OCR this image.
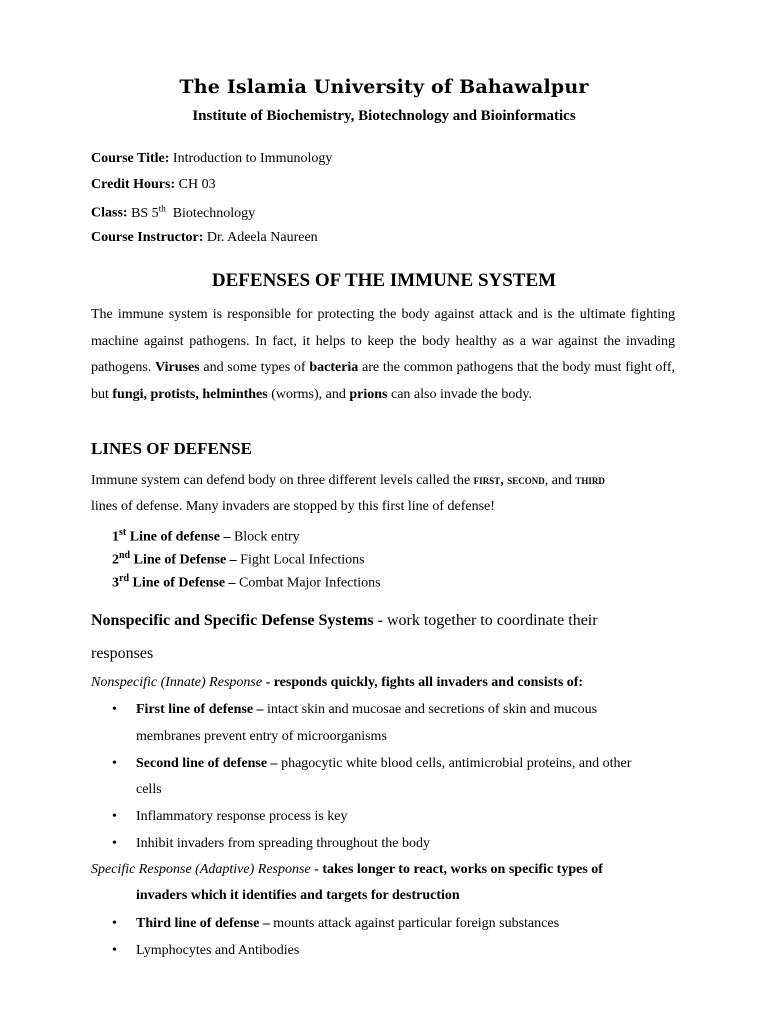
The Islamia University of Bahawalpur
Institute of Biochemistry, Biotechnology and Bioinformatics
Course Title: Introduction to Immunology
Credit Hours: CH 03
Class: BS 5th Biotechnology
Course Instructor: Dr. Adeela Naureen
DEFENSES OF THE IMMUNE SYSTEM
The immune system is responsible for protecting the body against attack and is the ultimate fighting machine against pathogens. In fact, it helps to keep the body healthy as a war against the invading pathogens. Viruses and some types of bacteria are the common pathogens that the body must fight off, but fungi, protists, helminthes (worms), and prions can also invade the body.
LINES OF DEFENSE
Immune system can defend body on three different levels called the first, second, and third
lines of defense. Many invaders are stopped by this first line of defense!
1st Line of defense – Block entry
2nd Line of Defense – Fight Local Infections
3rd Line of Defense – Combat Major Infections
Nonspecific and Specific Defense Systems - work together to coordinate their
responses
Nonspecific (Innate) Response - responds quickly, fights all invaders and consists of:
• First line of defense – intact skin and mucosae and secretions of skin and mucous
membranes prevent entry of microorganisms
• Second line of defense – phagocytic white blood cells, antimicrobial proteins, and other
cells
• Inflammatory response process is key
• Inhibit invaders from spreading throughout the body
Specific Response (Adaptive) Response - takes longer to react, works on specific types of
invaders which it identifies and targets for destruction
• Third line of defense – mounts attack against particular foreign substances
• Lymphocytes and Antibodies
